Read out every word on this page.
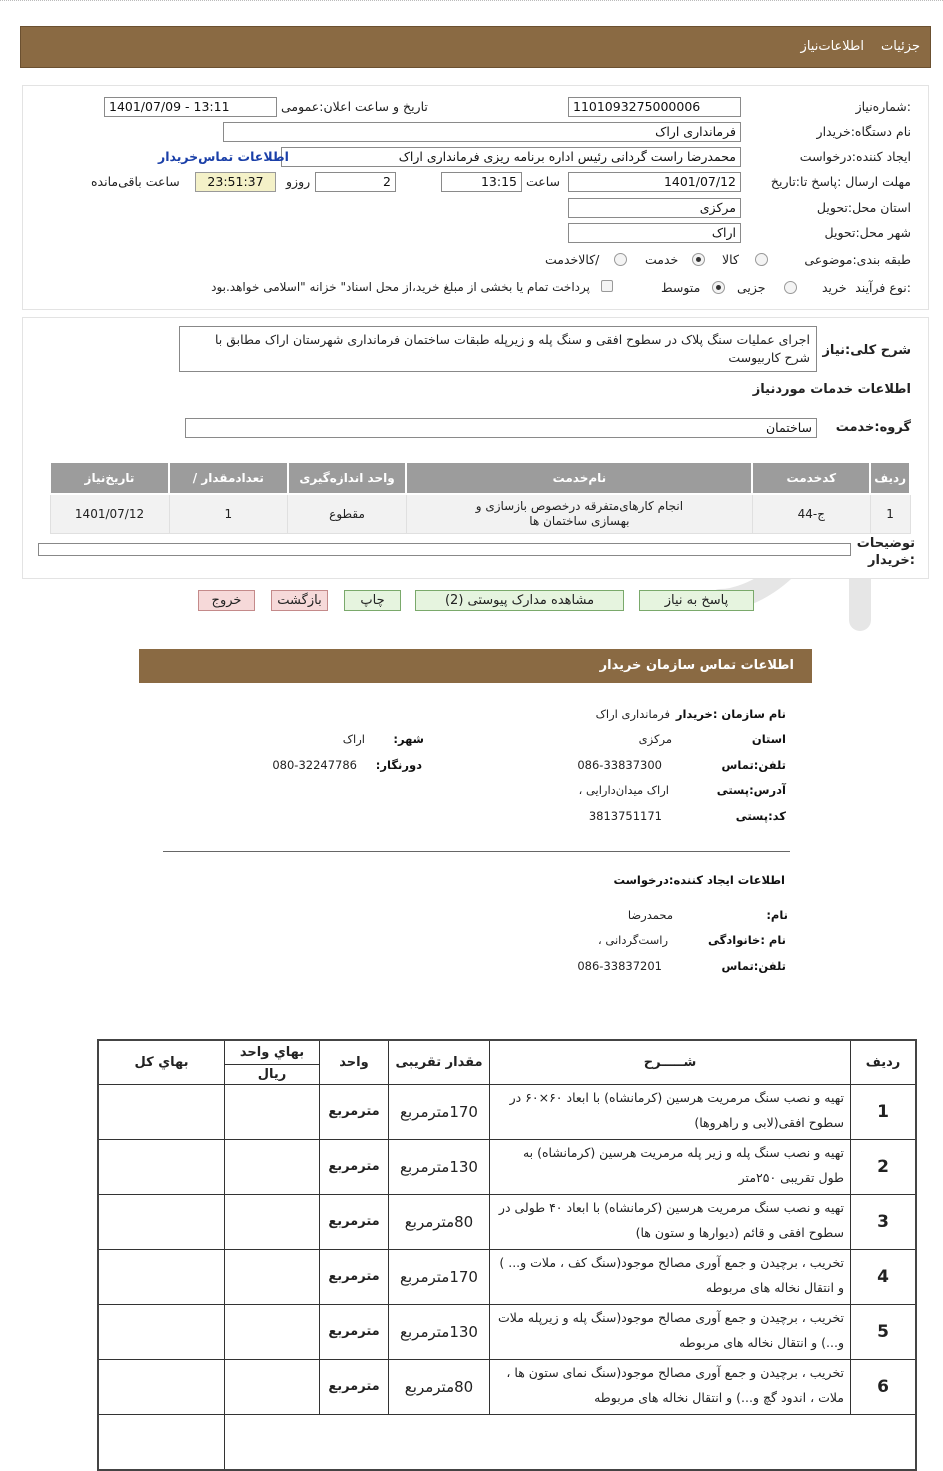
جزئیات
اطلاعات‌نیاز
شماره‌نیاز:
1101093275000006
تاریخ و ساعت اعلان:عمومی
1401/07/09 - 13:11
نام دستگاه‌:خریدار
فرمانداری اراک
ایجاد کننده‌:درخواست
محمدرضا راست گردانی رئیس اداره برنامه ریزی فرمانداری اراک
اطلاعات تماس‌خریدار
مهلت ارسال :پاسخ تا‌:تاریخ
1401/07/12
ساعت
13:15
2
روزو
23:51:37
ساعت باقی‌مانده
استان محل‌:تحویل
مرکزی
شهر محل‌:تحویل
اراک
طبقه بندی‌:موضوعی
کالا
خدمت
/کالاخدمت
نوع فرآیند:
خرید
جزیی
متوسط
پرداخت تمام یا بخشی از مبلغ خرید،از محل اسناد" خزانه "اسلامی خواهد.بود
شرح کلی‌:نیاز
اجرای عملیات سنگ پلاک در سطوح افقی و سنگ پله و زیرپله طبقات ساختمان فرمانداری شهرستان اراک مطابق با شرح کاربیوست
اطلاعات خدمات موردنیاز
گروه‌:خدمت
ساختمان
ردیف	کدخدمت	نام‌خدمت	واحد اندازه‌گیری	تعداد‌مقدار /	تاریخ‌نیاز
1	ج-44	انجام کارهای‌متفرقه درخصوص بازسازی و بهسازی ساختمان ها	مقطوع	1	1401/07/12
توضیحات :خریدار
پاسخ به نیاز
مشاهده مدارک پیوستی (2)
چاپ
بازگشت
خروج
اطلاعات تماس سازمان خریدار
نام سازمان :خریدار
فرمانداری اراک
استان
مرکزی
:شهر
اراک
تلفن‌:تماس
086-33837300
:دورنگار
080-32247786
آدرس‌:پستی
اراک میدان‌دارایی ،
کد‌:پستی
3813751171
اطلاعات ایجاد کننده‌:درخواست
:نام
محمدرضا
نام :خانوادگی
راست‌گردانی ،
تلفن‌:تماس
086-33837201
ردیف	شـــــرح	مقدار تقریبی	واحد	بهاي واحد	بهاي كل
				ریال	
1	تهیه و نصب سنگ مرمریت هرسین (کرمانشاه) با ابعاد ۶۰×۶۰ در سطوح افقی(لابی و راهروها)	170مترمربع	مترمربع		
2	تهیه و نصب سنگ پله و زیر پله مرمریت هرسین (کرمانشاه) به طول تقریبی ۲۵۰متر	130مترمربع	مترمربع		
3	تهیه و نصب سنگ مرمریت هرسین (کرمانشاه) با ابعاد ۴۰ طولی در سطوح افقی و قائم (دیوارها و ستون ها)	80مترمربع	مترمربع		
4	تخریب ، برچیدن و جمع آوری مصالح موجود(سنگ کف ، ملات و... ) و انتقال نخاله های مربوطه	170مترمربع	مترمربع		
5	تخریب ، برچیدن و جمع آوری مصالح موجود(سنگ پله و زیرپله ملات و...) و انتقال نخاله های مربوطه	130مترمربع	مترمربع		
6	تخریب ، برچیدن و جمع آوری مصالح موجود(سنگ نمای ستون ها ، ملات ، اندود گچ و...) و انتقال نخاله های مربوطه	80مترمربع	مترمربع		
